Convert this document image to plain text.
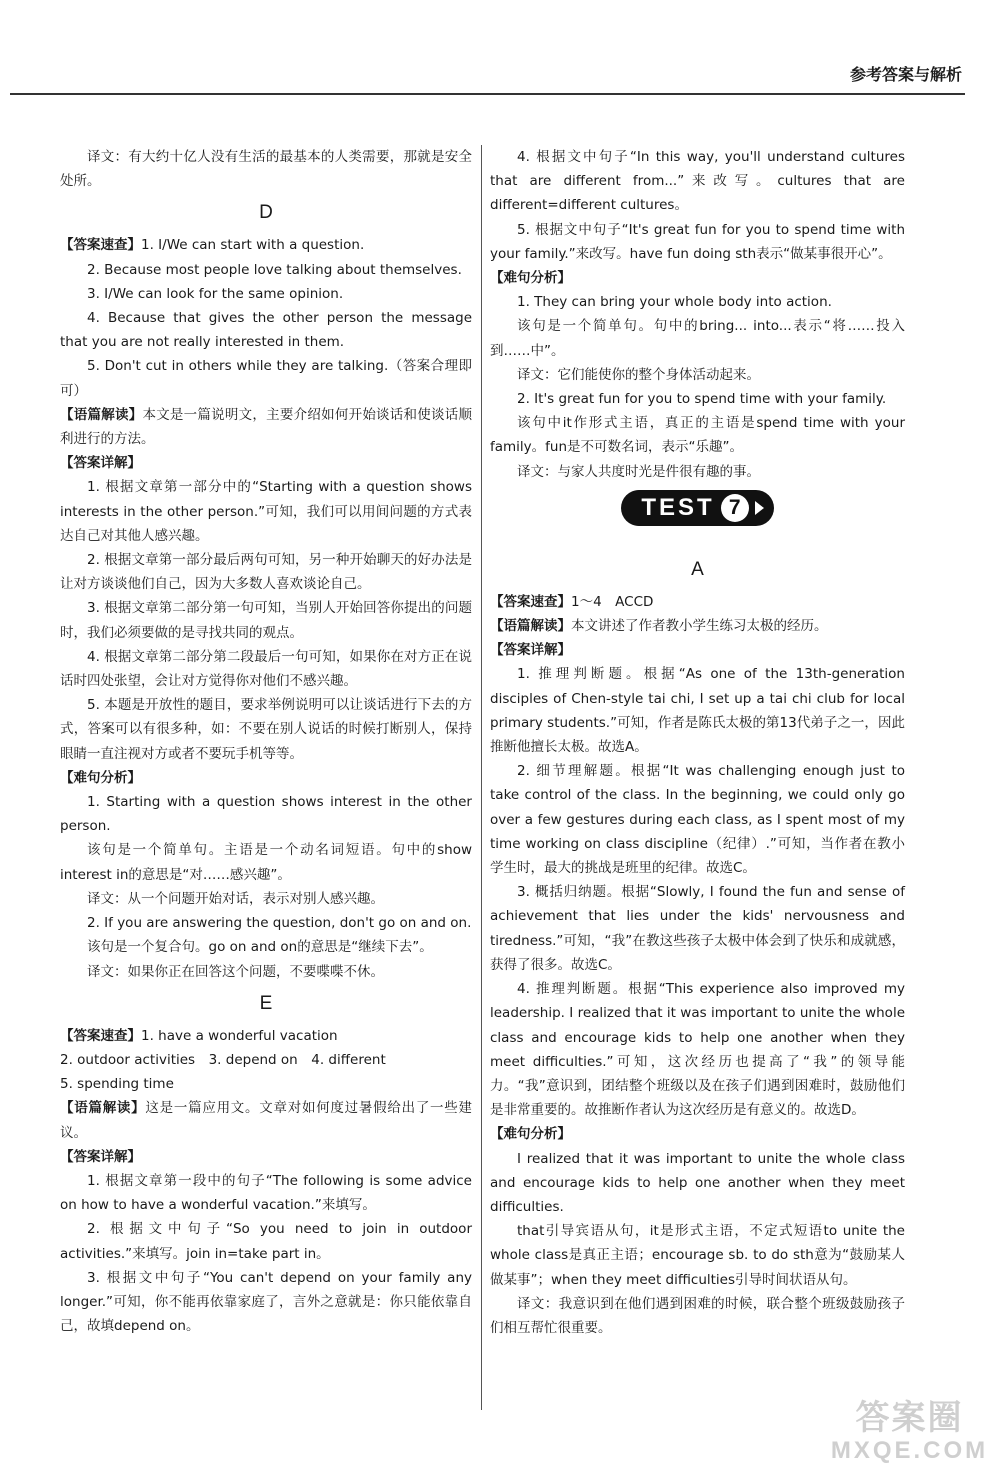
参考答案与解析

译文：有大约十亿人没有生活的最基本的人类需要，那就是安全处所。

D

【答案速查】1. I/We can start with a question.

2. Because most people love talking about themselves.

3. I/We can look for the same opinion.

4. Because that gives the other person the message that you are not really interested in them.

5. Don't cut in others while they are talking.（答案合理即可）

【语篇解读】本文是一篇说明文，主要介绍如何开始谈话和使谈话顺利进行的方法。

【答案详解】

1. 根据文章第一部分中的“Starting with a question shows interests in the other person.”可知，我们可以用间问题的方式表达自己对其他人感兴趣。

2. 根据文章第一部分最后两句可知，另一种开始聊天的好办法是让对方谈谈他们自己，因为大多数人喜欢谈论自己。

3. 根据文章第二部分第一句可知，当别人开始回答你提出的问题时，我们必须要做的是寻找共同的观点。

4. 根据文章第二部分第二段最后一句可知，如果你在对方正在说话时四处张望，会让对方觉得你对他们不感兴趣。

5. 本题是开放性的题目，要求举例说明可以让谈话进行下去的方式，答案可以有很多种，如：不要在别人说话的时候打断别人，保持眼睛一直注视对方或者不要玩手机等等。

【难句分析】

1. Starting with a question shows interest in the other person.

该句是一个简单句。主语是一个动名词短语。句中的show interest in的意思是“对……感兴趣”。

译文：从一个问题开始对话，表示对别人感兴趣。

2. If you are answering the question, don't go on and on.

该句是一个复合句。go on and on的意思是“继续下去”。

译文：如果你正在回答这个问题，不要喋喋不休。

E

【答案速查】1. have a wonderful vacation

2. outdoor activities　3. depend on　4. different

5. spending time

【语篇解读】这是一篇应用文。文章对如何度过暑假给出了一些建议。

【答案详解】

1. 根据文章第一段中的句子“The following is some advice on how to have a wonderful vacation.”来填写。

2. 根据文中句子“So you need to join in outdoor activities.”来填写。join in=take part in。

3. 根据文中句子“You can't depend on your family any longer.”可知，你不能再依靠家庭了，言外之意就是：你只能依靠自己，故填depend on。

4. 根据文中句子“In this way, you'll understand cultures that are different from...”来改写。cultures that are different=different cultures。

5. 根据文中句子“It's great fun for you to spend time with your family.”来改写。have fun doing sth表示“做某事很开心”。

【难句分析】

1. They can bring your whole body into action.

该句是一个简单句。句中的bring... into...表示“将……投入到……中”。

译文：它们能使你的整个身体活动起来。

2. It's great fun for you to spend time with your family.

该句中it作形式主语，真正的主语是spend time with your family。fun是不可数名词，表示“乐趣”。

译文：与家人共度时光是件很有趣的事。

TEST 7
A

【答案速查】1～4　ACCD

【语篇解读】本文讲述了作者教小学生练习太极的经历。

【答案详解】

1. 推理判断题。根据“As one of the 13th-generation disciples of Chen-style tai chi, I set up a tai chi club for local primary students.”可知，作者是陈氏太极的第13代弟子之一，因此推断他擅长太极。故选A。

2. 细节理解题。根据“It was challenging enough just to take control of the class. In the beginning, we could only go over a few gestures during each class, as I spent most of my time working on class discipline（纪律）.”可知，当作者在教小学生时，最大的挑战是班里的纪律。故选C。

3. 概括归纳题。根据“Slowly, I found the fun and sense of achievement that lies under the kids' nervousness and tiredness.”可知，“我”在教这些孩子太极中体会到了快乐和成就感，获得了很多。故选C。

4. 推理判断题。根据“This experience also improved my leadership. I realized that it was important to unite the whole class and encourage kids to help one another when they meet difficulties.”可知，这次经历也提高了“我”的领导能力。“我”意识到，团结整个班级以及在孩子们遇到困难时，鼓励他们是非常重要的。故推断作者认为这次经历是有意义的。故选D。

【难句分析】

I realized that it was important to unite the whole class and encourage kids to help one another when they meet difficulties.

that引导宾语从句，it是形式主语，不定式短语to unite the whole class是真正主语；encourage sb. to do sth意为“鼓励某人做某事”；when they meet difficulties引导时间状语从句。

译文：我意识到在他们遇到困难的时候，联合整个班级鼓励孩子们相互帮忙很重要。

答案圈
MXQE.COM
